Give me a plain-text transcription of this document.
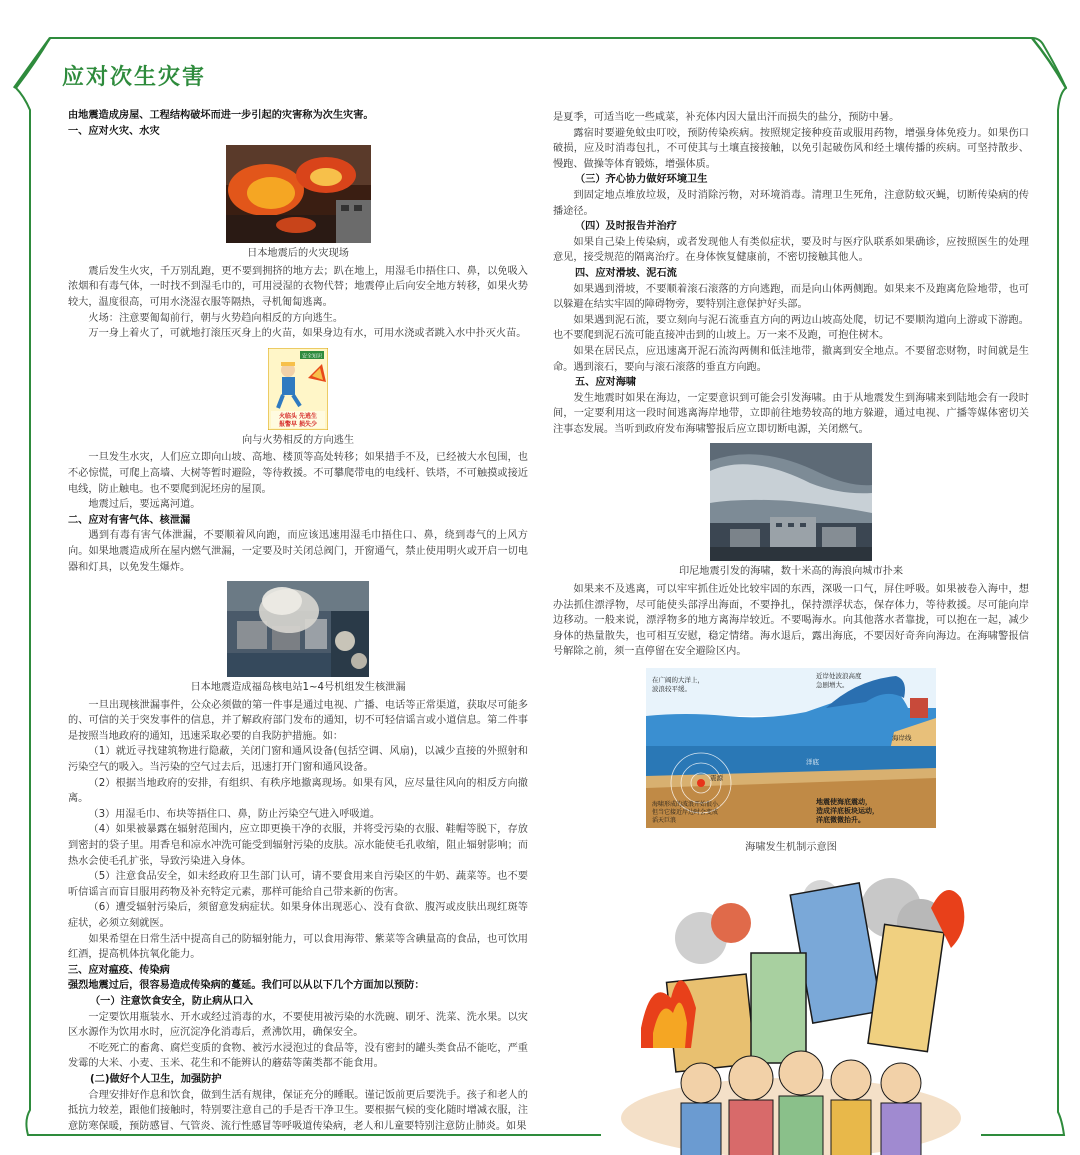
应对次生灾害

由地震造成房屋、工程结构破坏而进一步引起的灾害称为次生灾害。

一、应对火灾、水灾

日本地震后的火灾现场

震后发生火灾，千万别乱跑，更不要到拥挤的地方去；趴在地上，用湿毛巾捂住口、鼻，以免吸入浓烟和有毒气体，一时找不到湿毛巾的，可用浸湿的衣物代替；地震停止后向安全地方转移，如果火势较大，温度很高，可用水浇湿衣服等隔热，寻机匍匐逃离。

火场：注意要匍匐前行，朝与火势趋向相反的方向逃生。

万一身上着火了，可就地打滚压灭身上的火苗，如果身边有水，可用水浇或者跳入水中扑灭火苗。

安全知识
火临头 先逃生
报警早 损失少
向与火势相反的方向逃生

一旦发生水灾，人们应立即向山坡、高地、楼顶等高处转移；如果措手不及，已经被大水包围，也不必惊慌，可爬上高墙、大树等暂时避险，等待救援。不可攀爬带电的电线杆、铁塔，不可触摸或接近电线，防止触电。也不要爬到泥坯房的屋顶。

地震过后，要远离河道。

二、应对有害气体、核泄漏

遇到有毒有害气体泄漏，不要顺着风向跑，而应该迅速用湿毛巾捂住口、鼻，绕到毒气的上风方向。如果地震造成所在屋内燃气泄漏，一定要及时关闭总阀门，开窗通气，禁止使用明火或开启一切电器和灯具，以免发生爆炸。

日本地震造成福岛核电站1~4号机组发生核泄漏

一旦出现核泄漏事件，公众必须做的第一件事是通过电视、广播、电话等正常渠道，获取尽可能多的、可信的关于突发事件的信息，并了解政府部门发布的通知，切不可轻信谣言或小道信息。第二件事是按照当地政府的通知，迅速采取必要的自我防护措施。如：

（1）就近寻找建筑物进行隐蔽，关闭门窗和通风设备(包括空调、风扇)，以减少直接的外照射和污染空气的吸入。当污染的空气过去后，迅速打开门窗和通风设备。

（2）根据当地政府的安排，有组织、有秩序地撤离现场。如果有风，应尽量往风向的相反方向撤离。

（3）用湿毛巾、布块等捂住口、鼻，防止污染空气进入呼吸道。

（4）如果被暴露在辐射范围内，应立即更换干净的衣服，并将受污染的衣服、鞋帽等脱下，存放到密封的袋子里。用香皂和凉水冲洗可能受到辐射污染的皮肤。凉水能使毛孔收缩，阻止辐射影响；而热水会使毛孔扩张，导致污染进入身体。

（5）注意食品安全，如未经政府卫生部门认可，请不要食用来自污染区的牛奶、蔬菜等。也不要听信谣言而盲目服用药物及补充特定元素，那样可能给自己带来新的伤害。

（6）遭受辐射污染后，须留意发病症状。如果身体出现恶心、没有食欲、腹泻或皮肤出现红斑等症状，必须立刻就医。

如果希望在日常生活中提高自己的防辐射能力，可以食用海带、紫菜等含碘量高的食品，也可饮用红酒，提高机体抗氧化能力。

三、应对瘟疫、传染病

强烈地震过后，很容易造成传染病的蔓延。我们可以从以下几个方面加以预防：

（一）注意饮食安全，防止病从口入

一定要饮用瓶装水、开水或经过消毒的水，不要使用被污染的水洗碗、刷牙、洗菜、洗水果。以灾区水源作为饮用水时，应沉淀净化消毒后，煮沸饮用，确保安全。

不吃死亡的畜禽、腐烂变质的食物、被污水浸泡过的食品等，没有密封的罐头类食品不能吃，严重发霉的大米、小麦、玉米、花生和不能辨认的蘑菇等菌类都不能食用。

(二)做好个人卫生，加强防护

合理安排好作息和饮食，做到生活有规律，保证充分的睡眠。谨记饭前更后要洗手。孩子和老人的抵抗力较差，跟他们接触时，特别要注意自己的手是否干净卫生。要根据气候的变化随时增减衣服，注意防寒保暖，预防感冒、气管炎、流行性感冒等呼吸道传染病，老人和儿童要特别注意防止肺炎。如果

是夏季，可适当吃一些咸菜，补充体内因大量出汗而损失的盐分，预防中暑。

露宿时要避免蚊虫叮咬，预防传染疾病。按照规定接种疫苗或服用药物，增强身体免疫力。如果伤口破损，应及时消毒包扎，不可使其与土壤直接接触，以免引起破伤风和经土壤传播的疾病。可坚持散步、慢跑、做操等体育锻炼，增强体质。

（三）齐心协力做好环境卫生

到固定地点堆放垃圾，及时消除污物，对环境消毒。清理卫生死角，注意防蚊灭蝇，切断传染病的传播途径。

（四）及时报告并治疗

如果自己染上传染病，或者发现他人有类似症状，要及时与医疗队联系如果确诊，应按照医生的处理意见，接受规范的隔离治疗。在身体恢复健康前，不密切接触其他人。

四、应对滑坡、泥石流

如果遇到滑坡，不要顺着滚石滚落的方向逃跑，而是向山体两侧跑。如果来不及跑离危险地带，也可以躲避在结实牢固的障碍物旁，要特别注意保护好头部。

如果遇到泥石流，要立刻向与泥石流垂直方向的两边山坡高处爬，切记不要顺沟道向上游或下游跑。也不要爬到泥石流可能直接冲击到的山坡上。万一来不及跑，可抱住树木。

如果在居民点，应迅速离开泥石流沟两侧和低洼地带，撤离到安全地点。不要留恋财物，时间就是生命。遇到滚石，要向与滚石滚落的垂直方向跑。

五、应对海啸

发生地震时如果在海边，一定要意识到可能会引发海啸。由于从地震发生到海啸来到陆地会有一段时间，一定要利用这一段时间逃离海岸地带，立即前往地势较高的地方躲避，通过电视、广播等媒体密切关注事态发展。当听到政府发布海啸警报后应立即切断电源，关闭燃气。

印尼地震引发的海啸，数十米高的海浪向城市扑来

如果来不及逃离，可以牢牢抓住近处比较牢固的东西，深吸一口气，屏住呼吸。如果被卷入海中，想办法抓住漂浮物，尽可能使头部浮出海面，不要挣扎，保持漂浮状态，保存体力，等待救援。尽可能向岸边移动。一般来说，漂浮物多的地方离海岸较近。不要喝海水。向其他落水者靠拢，可以抱在一起，减少身体的热量散失，也可相互安慰，稳定情绪。海水退后，露出海底，不要因好奇奔向海边。在海啸警报信号解除之前，须一直停留在安全避险区内。

在广阔的大洋上，
波浪较平缓。
近岸处波浪高度
急剧增大。
海岸线
洋底
震源
海啸形成的波浪开始很小，
但当它接近岸边时会变成
滔天巨浪
地震使海底震动，
造成洋底板块运动，
洋底微微抬升。
海啸发生机制示意图
